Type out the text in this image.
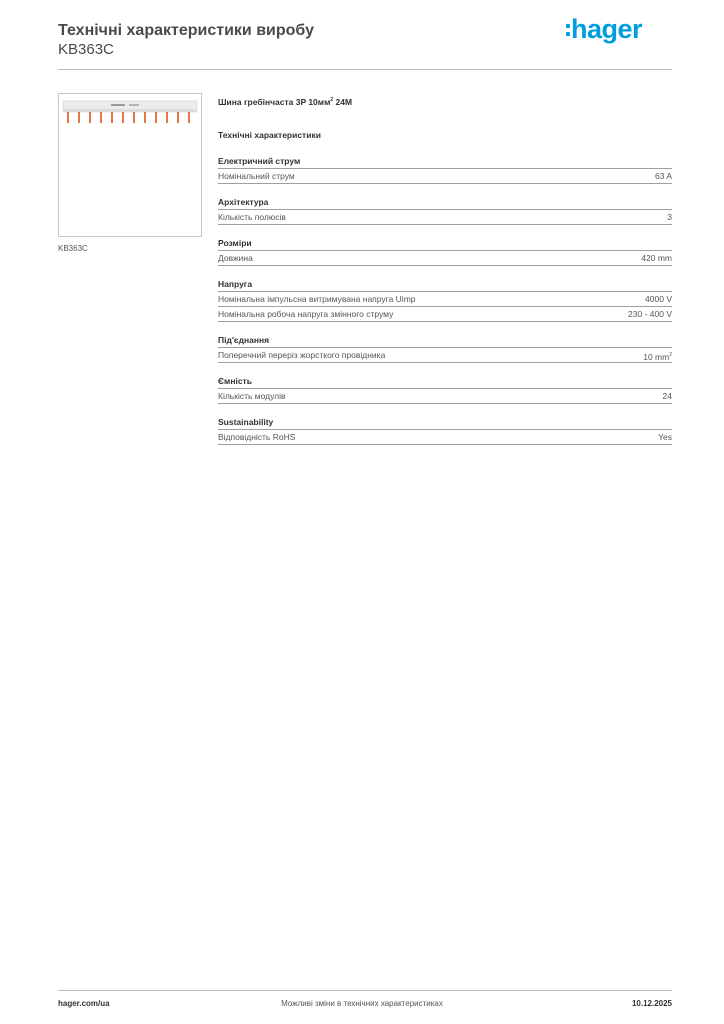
Технічні характеристики виробу
KB363C
hager
KB363C
Шина гребінчаста 3P $10мм^2$ 24M
Технічні характеристики
Електричний струм
Номінальний струм	63 A
Архітектура
Кількість полюсів	3
Розміри
Довжина	420 mm
Напруга
Номінальна імпульсна витримувана напруга Uimp	4000 V
Номінальна робоча напруга змінного струму	230 - 400 V
Під'єднання
Поперечний переріз жорсткого провідника	10 $mm^2$
Ємність
Кількість модулів	24
Sustainability
Відповідність RoHS	Yes
hager.com/ua	Можливі зміни в технічних характеристиках	10.12.2025
